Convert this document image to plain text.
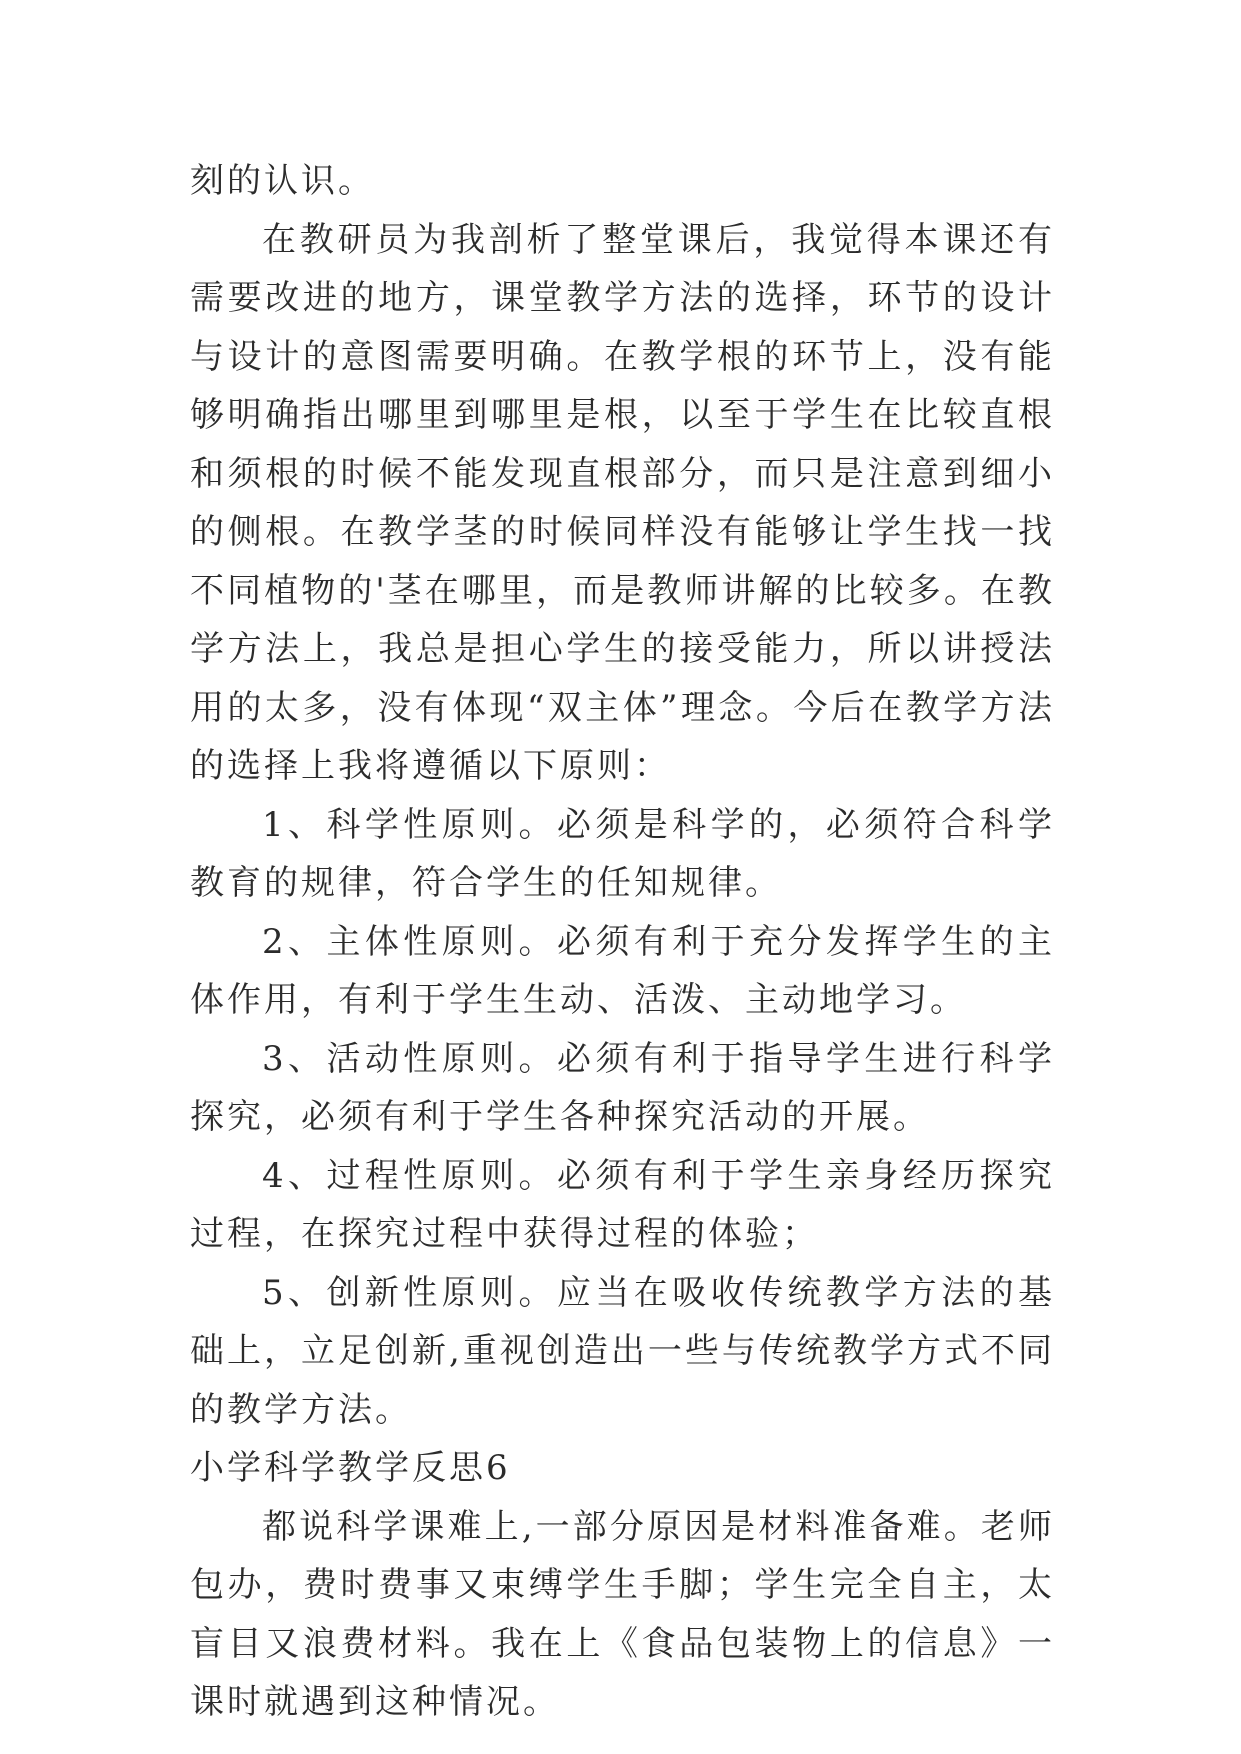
刻的认识。

在教研员为我剖析了整堂课后，我觉得本课还有需要改进的地方，课堂教学方法的选择，环节的设计与设计的意图需要明确。在教学根的环节上，没有能够明确指出哪里到哪里是根，以至于学生在比较直根和须根的时候不能发现直根部分，而只是注意到细小的侧根。在教学茎的时候同样没有能够让学生找一找不同植物的'茎在哪里，而是教师讲解的比较多。在教学方法上，我总是担心学生的接受能力，所以讲授法用的太多，没有体现“双主体”理念。今后在教学方法的选择上我将遵循以下原则：

1、科学性原则。必须是科学的，必须符合科学教育的规律，符合学生的任知规律。

2、主体性原则。必须有利于充分发挥学生的主体作用，有利于学生生动、活泼、主动地学习。

3、活动性原则。必须有利于指导学生进行科学探究，必须有利于学生各种探究活动的开展。

4、过程性原则。必须有利于学生亲身经历探究过程，在探究过程中获得过程的体验；

5、创新性原则。应当在吸收传统教学方法的基础上，立足创新,重视创造出一些与传统教学方式不同的教学方法。

小学科学教学反思6

都说科学课难上,一部分原因是材料准备难。老师包办，费时费事又束缚学生手脚；学生完全自主，太盲目又浪费材料。我在上《食品包装物上的信息》一课时就遇到这种情况。
